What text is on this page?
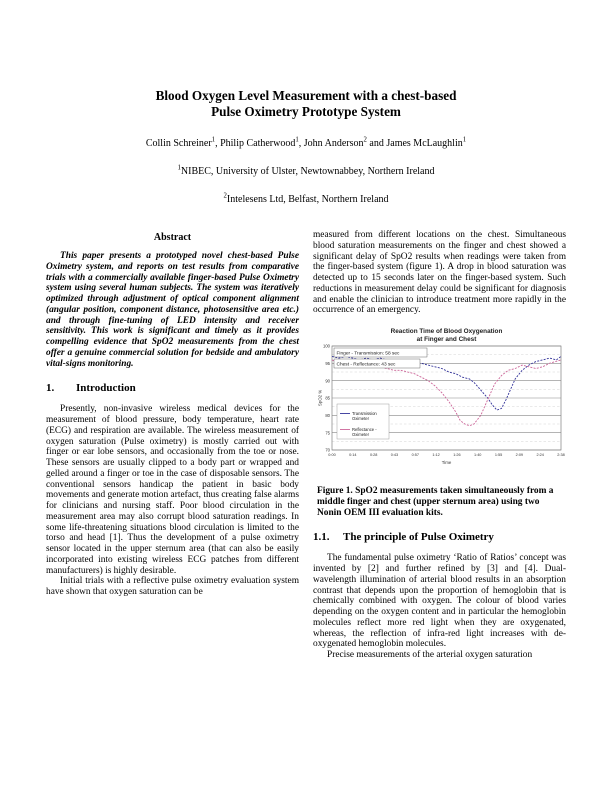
Blood Oxygen Level Measurement with a chest-based
Pulse Oximetry Prototype System
Collin Schreiner$^1$, Philip Catherwood$^1$, John Anderson$^2$ and James McLaughlin$^1$
$^1$NIBEC, University of Ulster, Newtownabbey, Northern Ireland
$^2$Intelesens Ltd, Belfast, Northern Ireland
Abstract

This paper presents a prototyped novel chest-based Pulse Oximetry system, and reports on test results from comparative trials with a commercially available finger-based Pulse Oximetry system using several human subjects. The system was iteratively optimized through adjustment of optical component alignment (angular position, component distance, photosensitive area etc.) and through fine-tuning of LED intensity and receiver sensitivity. This work is significant and timely as it provides compelling evidence that SpO2 measurements from the chest offer a genuine commercial solution for bedside and ambulatory vital-signs monitoring.

1.	Introduction

Presently, non-invasive wireless medical devices for the measurement of blood pressure, body temperature, heart rate (ECG) and respiration are available. The wireless measurement of oxygen saturation (Pulse oximetry) is mostly carried out with finger or ear lobe sensors, and occasionally from the toe or nose. These sensors are usually clipped to a body part or wrapped and gelled around a finger or toe in the case of disposable sensors. The conventional sensors handicap the patient in basic body movements and generate motion artefact, thus creating false alarms for clinicians and nursing staff. Poor blood circulation in the measurement area may also corrupt blood saturation readings. In some life-threatening situations blood circulation is limited to the torso and head [1]. Thus the development of a pulse oximetry sensor located in the upper sternum area (that can also be easily incorporated into existing wireless ECG patches from different manufacturers) is highly desirable.

Initial trials with a reflective pulse oximetry evaluation system have shown that oxygen saturation can be

measured from different locations on the chest. Simultaneous blood saturation measurements on the finger and chest showed a significant delay of SpO2 results when readings were taken from the finger-based system (figure 1). A drop in blood saturation was detected up to 15 seconds later on the finger-based system. Such reductions in measurement delay could be significant for diagnosis and enable the clinician to introduce treatment more rapidly in the occurrence of an emergency.

Reaction Time of Blood Oxygenation
at Finger and Chest
100
95
90
85
80
75
70
SpO2 %
0:00	0:14	0:28	0:43	0:57	1:12	1:26	1:40	1:55	2:09	2:24	2:38
Time
Finger - Transmission: 58 sec
Chest - Reflectance: 43 sec
Transmission
Oximeter
Reflectance -
Oximeter
Figure 1. SpO2 measurements taken simultaneously from a middle finger and chest (upper sternum area) using two Nonin OEM III evaluation kits.
1.1.	The principle of Pulse Oximetry

The fundamental pulse oximetry ‘Ratio of Ratios’ concept was invented by [2] and further refined by [3] and [4]. Dual-wavelength illumination of arterial blood results in an absorption contrast that depends upon the proportion of hemoglobin that is chemically combined with oxygen. The colour of blood varies depending on the oxygen content and in particular the hemoglobin molecules reflect more red light when they are oxygenated, whereas, the reflection of infra-red light increases with de-oxygenated hemoglobin molecules.

Precise measurements of the arterial oxygen saturation
